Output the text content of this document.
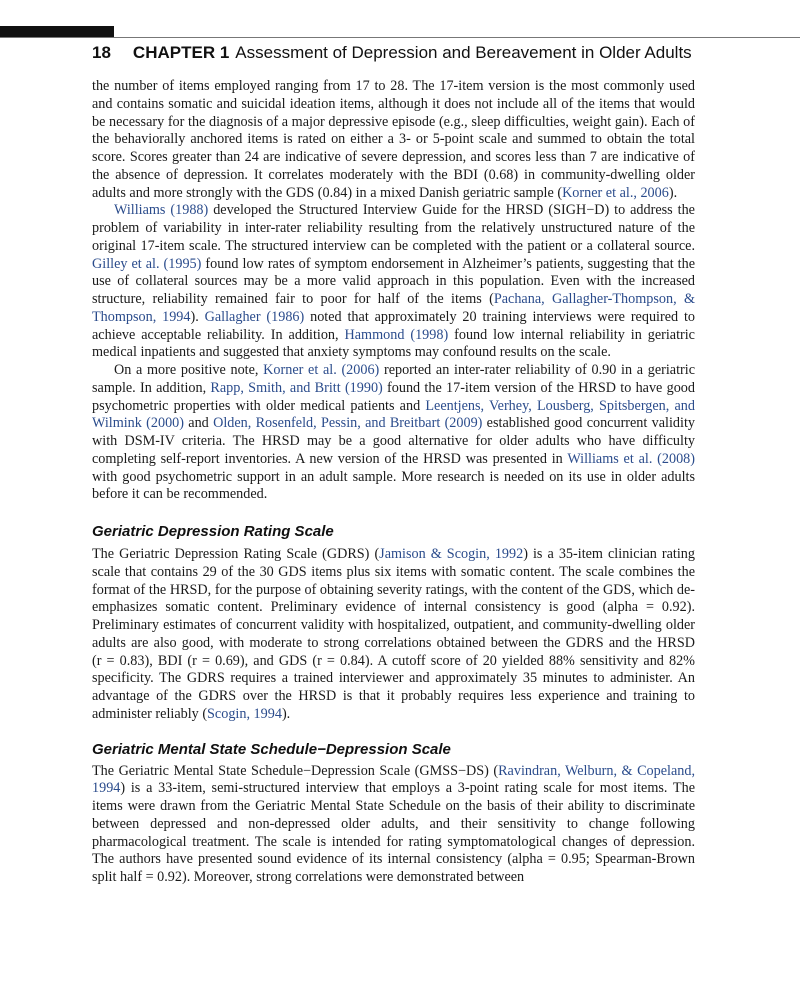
18 CHAPTER 1 Assessment of Depression and Bereavement in Older Adults

the number of items employed ranging from 17 to 28. The 17-item version is the most commonly used and contains somatic and suicidal ideation items, although it does not include all of the items that would be necessary for the diagnosis of a major depressive episode (e.g., sleep difficulties, weight gain). Each of the behaviorally anchored items is rated on either a 3- or 5-point scale and summed to obtain the total score. Scores greater than 24 are indicative of severe depression, and scores less than 7 are indicative of the absence of depression. It correlates moderately with the BDI (0.68) in community-dwelling older adults and more strongly with the GDS (0.84) in a mixed Danish geriatric sample (Korner et al., 2006).

Williams (1988) developed the Structured Interview Guide for the HRSD (SIGH−D) to address the problem of variability in inter-rater reliability resulting from the relatively unstructured nature of the original 17-item scale. The structured interview can be completed with the patient or a collateral source. Gilley et al. (1995) found low rates of symptom endorsement in Alzheimer’s patients, suggesting that the use of collateral sources may be a more valid approach in this population. Even with the increased structure, reliability remained fair to poor for half of the items (Pachana, Gallagher-Thompson, & Thompson, 1994). Gallagher (1986) noted that approximately 20 training interviews were required to achieve acceptable reliability. In addition, Hammond (1998) found low internal reliability in geriatric medical inpatients and suggested that anxiety symptoms may confound results on the scale.

On a more positive note, Korner et al. (2006) reported an inter-rater reliability of 0.90 in a geriatric sample. In addition, Rapp, Smith, and Britt (1990) found the 17-item version of the HRSD to have good psychometric properties with older medical patients and Leentjens, Verhey, Lousberg, Spitsbergen, and Wilmink (2000) and Olden, Rosenfeld, Pessin, and Breitbart (2009) established good concurrent validity with DSM-IV criteria. The HRSD may be a good alternative for older adults who have difficulty completing self-report inventories. A new version of the HRSD was presented in Williams et al. (2008) with good psychometric support in an adult sample. More research is needed on its use in older adults before it can be recommended.

Geriatric Depression Rating Scale

The Geriatric Depression Rating Scale (GDRS) (Jamison & Scogin, 1992) is a 35-item clinician rating scale that contains 29 of the 30 GDS items plus six items with somatic content. The scale combines the format of the HRSD, for the purpose of obtaining severity ratings, with the content of the GDS, which de-emphasizes somatic content. Preliminary evidence of internal consistency is good (alpha = 0.92). Preliminary estimates of concurrent validity with hospitalized, outpatient, and community-dwelling older adults are also good, with moderate to strong correlations obtained between the GDRS and the HRSD (r = 0.83), BDI (r = 0.69), and GDS (r = 0.84). A cutoff score of 20 yielded 88% sensitivity and 82% specificity. The GDRS requires a trained interviewer and approximately 35 minutes to administer. An advantage of the GDRS over the HRSD is that it probably requires less experience and training to administer reliably (Scogin, 1994).

Geriatric Mental State Schedule−Depression Scale

The Geriatric Mental State Schedule−Depression Scale (GMSS−DS) (Ravindran, Welburn, & Copeland, 1994) is a 33-item, semi-structured interview that employs a 3-point rating scale for most items. The items were drawn from the Geriatric Mental State Schedule on the basis of their ability to discriminate between depressed and non-depressed older adults, and their sensitivity to change following pharmacological treatment. The scale is intended for rating symptomatological changes of depression. The authors have presented sound evidence of its internal consistency (alpha = 0.95; Spearman-Brown split half = 0.92). Moreover, strong correlations were demonstrated between
